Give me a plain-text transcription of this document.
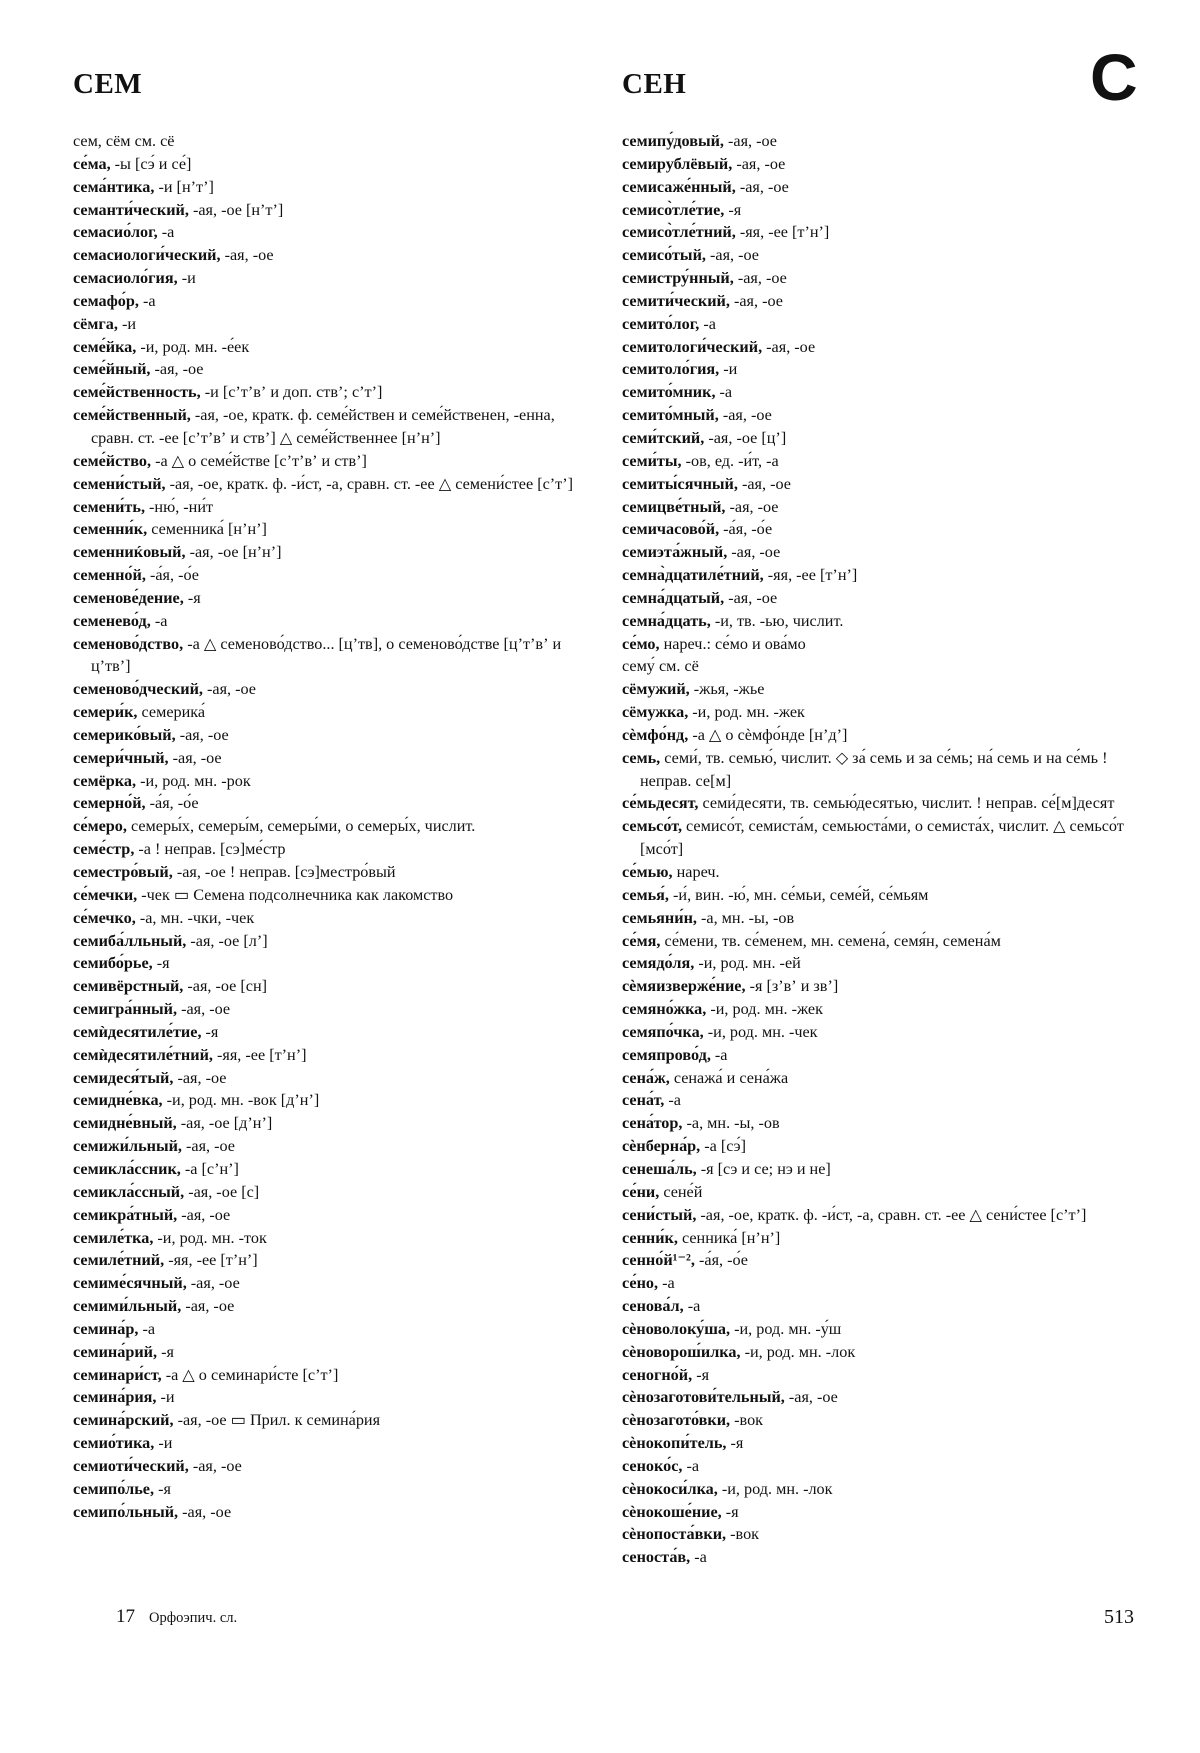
СЕМ	СЕН	С
сем, сём см. сё
се́ма, -ы [сэ́ и се́]
сема́нтика, -и [нʼтʼ]
семанти́ческий, -ая, -ое [нʼтʼ]
семасио́лог, -а
семасиологи́ческий, -ая, -ое
семасиоло́гия, -и
семафо́р, -а
сёмга, -и
семе́йка, -и, род. мн. -е́ек
семе́йный, -ая, -ое
семе́йственность, -и [сʼтʼвʼ и доп. ствʼ; сʼтʼ]
семе́йственный, -ая, -ое, кратк. ф. семе́йствен и семе́йственен, -енна, сравн. ст. -ее [сʼтʼвʼ и ствʼ] △ семе́йственнее [нʼнʼ]
семе́йство, -а △ о семе́йстве [сʼтʼвʼ и ствʼ]
семени́стый, -ая, -ое, кратк. ф. -и́ст, -а, сравн. ст. -ее △ семени́стее [сʼтʼ]
семени́ть, -ню́, -ни́т
семенни́к, семенника́ [нʼнʼ]
семенниќовый, -ая, -ое [нʼнʼ]
семенно́й, -а́я, -о́е
семенове́дение, -я
семенево́д, -а
семеново́дство, -а △ семеново́дство... [цʼтв], о семеново́дстве [цʼтʼвʼ и цʼтвʼ]
семеново́дческий, -ая, -ое
семери́к, семерика́
семерико́вый, -ая, -ое
семери́чный, -ая, -ое
семёрка, -и, род. мн. -рок
семерно́й, -а́я, -о́е
се́меро, семеры́х, семеры́м, семеры́ми, о семеры́х, числит.
семе́стр, -а ! неправ. [сэ]ме́стр
семестро́вый, -ая, -ое ! неправ. [сэ]местро́вый
се́мечки, -чек ▭ Семена подсолнечника как лакомство
се́мечко, -а, мн. -чки, -чек
семиба́лльный, -ая, -ое [лʼ]
семибо́рье, -я
семивёрстный, -ая, -ое [сн]
семигра́нный, -ая, -ое
семѝдесятиле́тие, -я
семѝдесятиле́тний, -яя, -ее [тʼнʼ]
семидеся́тый, -ая, -ое
семидне́вка, -и, род. мн. -вок [дʼнʼ]
семидне́вный, -ая, -ое [дʼнʼ]
семижи́льный, -ая, -ое
семикла́ссник, -а [сʼнʼ]
семикла́ссный, -ая, -ое [с]
семикра́тный, -ая, -ое
семиле́тка, -и, род. мн. -ток
семиле́тний, -яя, -ее [тʼнʼ]
семиме́сячный, -ая, -ое
семими́льный, -ая, -ое
семина́р, -а
семина́рий, -я
семинари́ст, -а △ о семинари́сте [сʼтʼ]
семина́рия, -и
семина́рский, -ая, -ое ▭ Прил. к семина́рия
семио́тика, -и
семиоти́ческий, -ая, -ое
семипо́лье, -я
семипо́льный, -ая, -ое
семипу́довый, -ая, -ое
семирублёвый, -ая, -ое
семисаже́нный, -ая, -ое
семисо̀тле́тие, -я
семисо̀тле́тний, -яя, -ее [тʼнʼ]
семисо́тый, -ая, -ое
семистру́нный, -ая, -ое
семити́ческий, -ая, -ое
семито́лог, -а
семитологи́ческий, -ая, -ое
семитоло́гия, -и
семито́мник, -а
семито́мный, -ая, -ое
семи́тский, -ая, -ое [цʼ]
семи́ты, -ов, ед. -и́т, -а
семиты́сячный, -ая, -ое
семицве́тный, -ая, -ое
семичасово́й, -а́я, -о́е
семиэта́жный, -ая, -ое
семна̀дцатиле́тний, -яя, -ее [тʼнʼ]
семна́дцатый, -ая, -ое
семна́дцать, -и, тв. -ью, числит.
се́мо, нареч.: се́мо и ова́мо
сему́ см. сё
сёмужий, -жья, -жье
сёмужка, -и, род. мн. -жек
сѐмфо́нд, -а △ о сѐмфо́нде [нʼдʼ]
семь, семи́, тв. семью́, числит. ◇ за́ семь и за се́мь; на́ семь и на се́мь ! неправ. се[м]
се́мьдесят, семи́десяти, тв. семью́десятью, числит. ! неправ. се́[м]десят
семьсо́т, семисо́т, семиста́м, семьюста́ми, о семиста́х, числит. △ семьсо́т [мсо́т]
се́мью, нареч.
семья́, -и́, вин. -ю́, мн. се́мьи, семе́й, се́мьям
семьяни́н, -а, мн. -ы, -ов
се́мя, се́мени, тв. се́менем, мн. семена́, семя́н, семена́м
семядо́ля, -и, род. мн. -ей
сѐмяизверже́ние, -я [зʼвʼ и звʼ]
семяно́жка, -и, род. мн. -жек
семяпо́чка, -и, род. мн. -чек
семяпрово́д, -а
сена́ж, сенажа́ и сена́жа
сена́т, -а
сена́тор, -а, мн. -ы, -ов
сѐнберна́р, -а [сэ́]
сенеша́ль, -я [сэ и се; нэ и не]
се́ни, сене́й
сени́стый, -ая, -ое, кратк. ф. -и́ст, -а, сравн. ст. -ее △ сени́стее [сʼтʼ]
сенни́к, сенника́ [нʼнʼ]
сенно́й¹⁻², -а́я, -о́е
се́но, -а
сенова́л, -а
сѐноволоку́ша, -и, род. мн. -у́ш
сѐноворош́илка, -и, род. мн. -лок
сеногно́й, -я
сѐнозаготови́тельный, -ая, -ое
сѐнозагото́вки, -вок
сѐнокопи́тель, -я
сеноко́с, -а
сѐнокоси́лка, -и, род. мн. -лок
сѐнокоше́ние, -я
сѐнопоста́вки, -вок
сеноста́в, -а
17 Орфоэпич. сл.	513
